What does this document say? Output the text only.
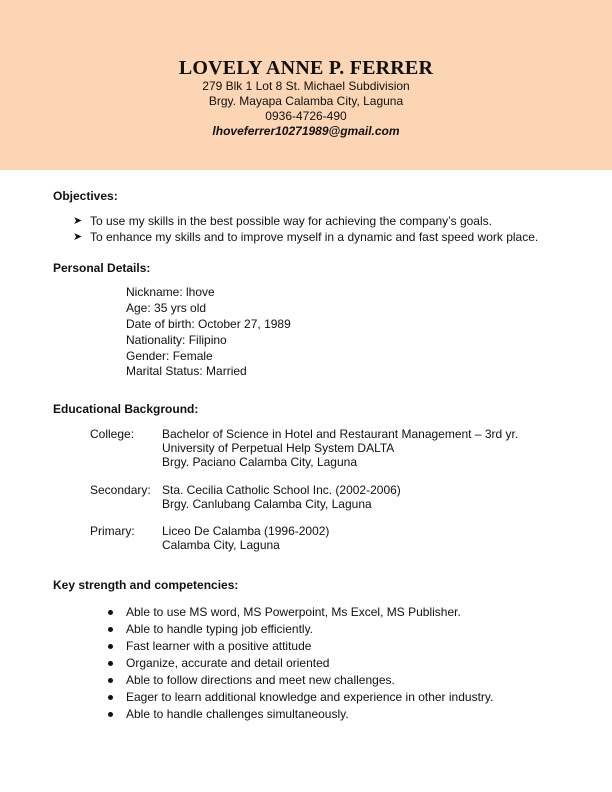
LOVELY ANNE P. FERRER
279 Blk 1 Lot 8 St. Michael Subdivision
Brgy. Mayapa Calamba City, Laguna
0936-4726-490
lhoveferrer10271989@gmail.com
Objectives:
➤ To use my skills in the best possible way for achieving the company’s goals.
➤ To enhance my skills and to improve myself in a dynamic and fast speed work place.
Personal Details:
Nickname: lhove
Age: 35 yrs old
Date of birth: October 27, 1989
Nationality: Filipino
Gender: Female
Marital Status: Married
Educational Background:
College: Bachelor of Science in Hotel and Restaurant Management – 3rd yr.
University of Perpetual Help System DALTA
Brgy. Paciano Calamba City, Laguna
Secondary: Sta. Cecilia Catholic School Inc. (2002-2006)
Brgy. Canlubang Calamba City, Laguna
Primary: Liceo De Calamba (1996-2002)
Calamba City, Laguna
Key strength and competencies:
Able to use MS word, MS Powerpoint, Ms Excel, MS Publisher.
Able to handle typing job efficiently.
Fast learner with a positive attitude
Organize, accurate and detail oriented
Able to follow directions and meet new challenges.
Eager to learn additional knowledge and experience in other industry.
Able to handle challenges simultaneously.
